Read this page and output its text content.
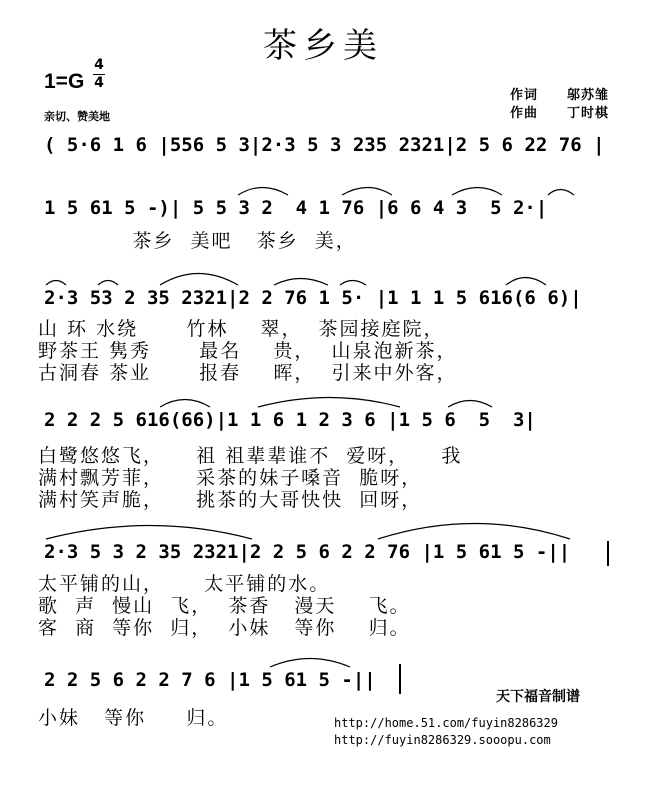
茶乡美
1=G
4
4
亲切、赞美地
作词 邬苏雏
作曲 丁时棋
( 5·6 1 6 |556 5 3|2·3 5 3 235 2321|2 5 6 22 76 |
1 5 61 5 -)| 5 5 3 2  4 1 76 |6 6 4 3  5 2·|
茶乡  美吧   茶乡  美，
2·3 53 2 35 2321|2 2 76 1 5· |1 1 1 5 616(6 6)|
山 环 水绕      竹林    翠，  茶园接庭院，
野茶王 隽秀      最名    贵，  山泉泡新茶，
古洞春 茶业      报春    晖，  引来中外客，
2 2 2 5 616(66)|1 1 6 1 2 3 6 |1 5 6  5  3|
白鹭悠悠飞，    祖 祖辈辈谁不  爱呀，    我
满村飘芳菲，    采茶的妹子嗓音  脆呀，
满村笑声脆，    挑茶的大哥快快  回呀，
2·3 5 3 2 35 2321|2 2 5 6 2 2 76 |1 5 61 5 -||
太平铺的山，     太平铺的水。
歌  声  慢山  飞，  茶香   漫天    飞。
客  商  等你  归，  小妹   等你    归。
2 2 5 6 2 2 7 6 |1 5 61 5 -||
小妹   等你     归。
天下福音制谱
http://home.51.com/fuyin8286329
http://fuyin8286329.sooopu.com
